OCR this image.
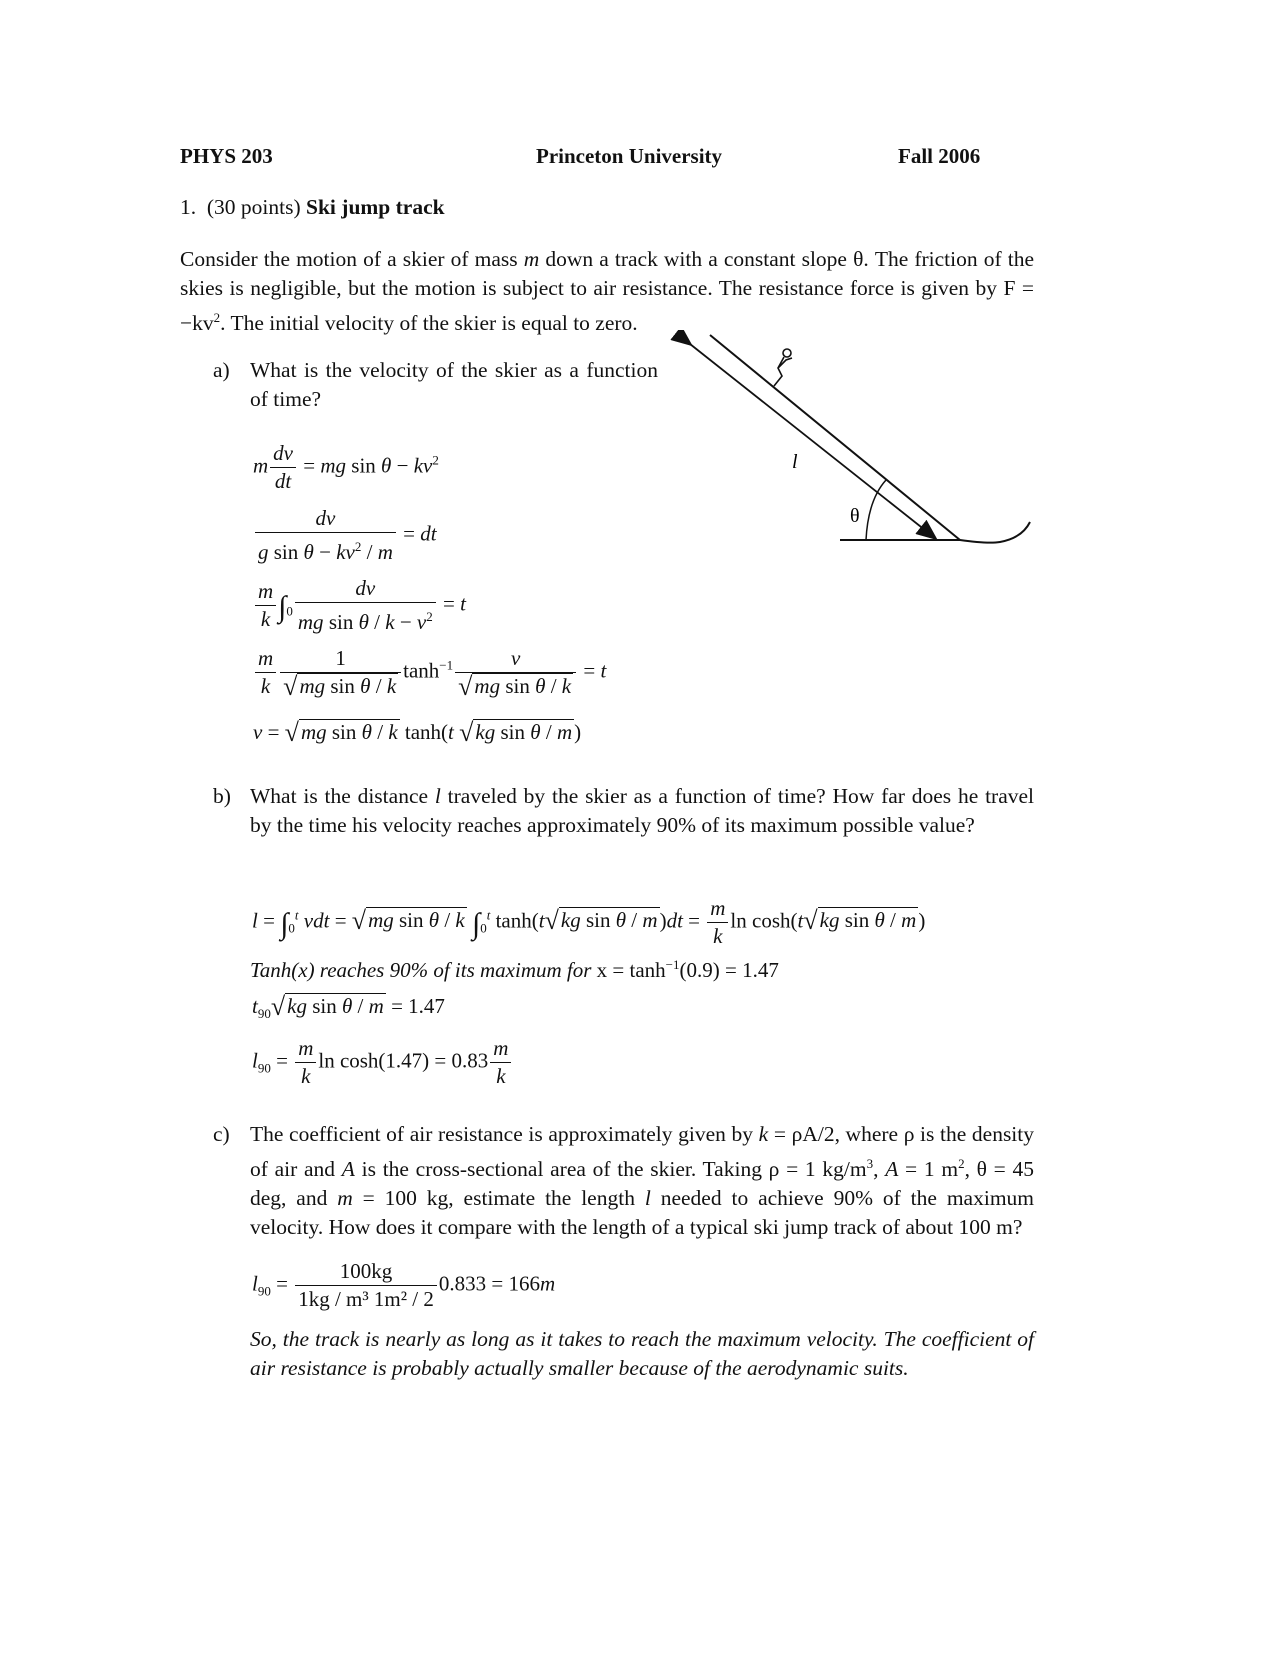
PHYS 203	Princeton University	Fall 2006
1. (30 points) Ski jump track
Consider the motion of a skier of mass m down a track with a constant slope θ. The friction of the skies is negligible, but the motion is subject to air resistance. The resistance force is given by $F = -kv^2$. The initial velocity of the skier is equal to zero.
a) What is the velocity of the skier as a function of time?
l
θ
m $\frac{dv}{dt}$ = mg $\sin \theta - kv^2$
$\frac{dv}{g \sin \theta - kv^2 / m}$ = dt
$\frac{m}{k} \int_0 \frac{dv}{mg \sin \theta / k - v^2} = t$
$\frac{m}{k} \frac{1}{\text{√mg sin θ / k}} \tanh^{-1} \frac{v}{\text{√mg sin θ / k}} = t$
v = √mg sin θ / k tanh(t √kg sin θ / m)
b) What is the distance l traveled by the skier as a function of time? How far does he travel by the time his velocity reaches approximately 90% of its maximum possible value?
$l = \int_0^t$ vdt = √mg sin θ / k $\int_0^t$ tanh(t√kg $\sin \theta / m)dt = \frac{m}{k}$ ln cosh(t√kg sin θ / m)
Tanh(x) reaches 90% of its maximum for $x = \tanh^{-1}(0.9) = 1.47$
$t_{90}√kg$ sin θ / m = 1.47
$l_{90} = \frac{m}{k}$ $\ln \cosh(1.47) = 0.83 \frac{m}{k}$
c) The coefficient of air resistance is approximately given by k = ρA/2, where ρ is the density of air and A is the cross-sectional area of the skier. Taking ρ = 1 $kg/m^3$, A = 1 $m^2$, θ = 45 deg, and m = 100 kg, estimate the length l needed to achieve 90% of the maximum velocity. How does it compare with the length of a typical ski jump track of about 100 m?
$l_{90} = \frac{100kg}{\text{1kg / m³ 1m² / 2}} 0.833 = 166m$
So, the track is nearly as long as it takes to reach the maximum velocity. The coefficient of air resistance is probably actually smaller because of the aerodynamic suits.
